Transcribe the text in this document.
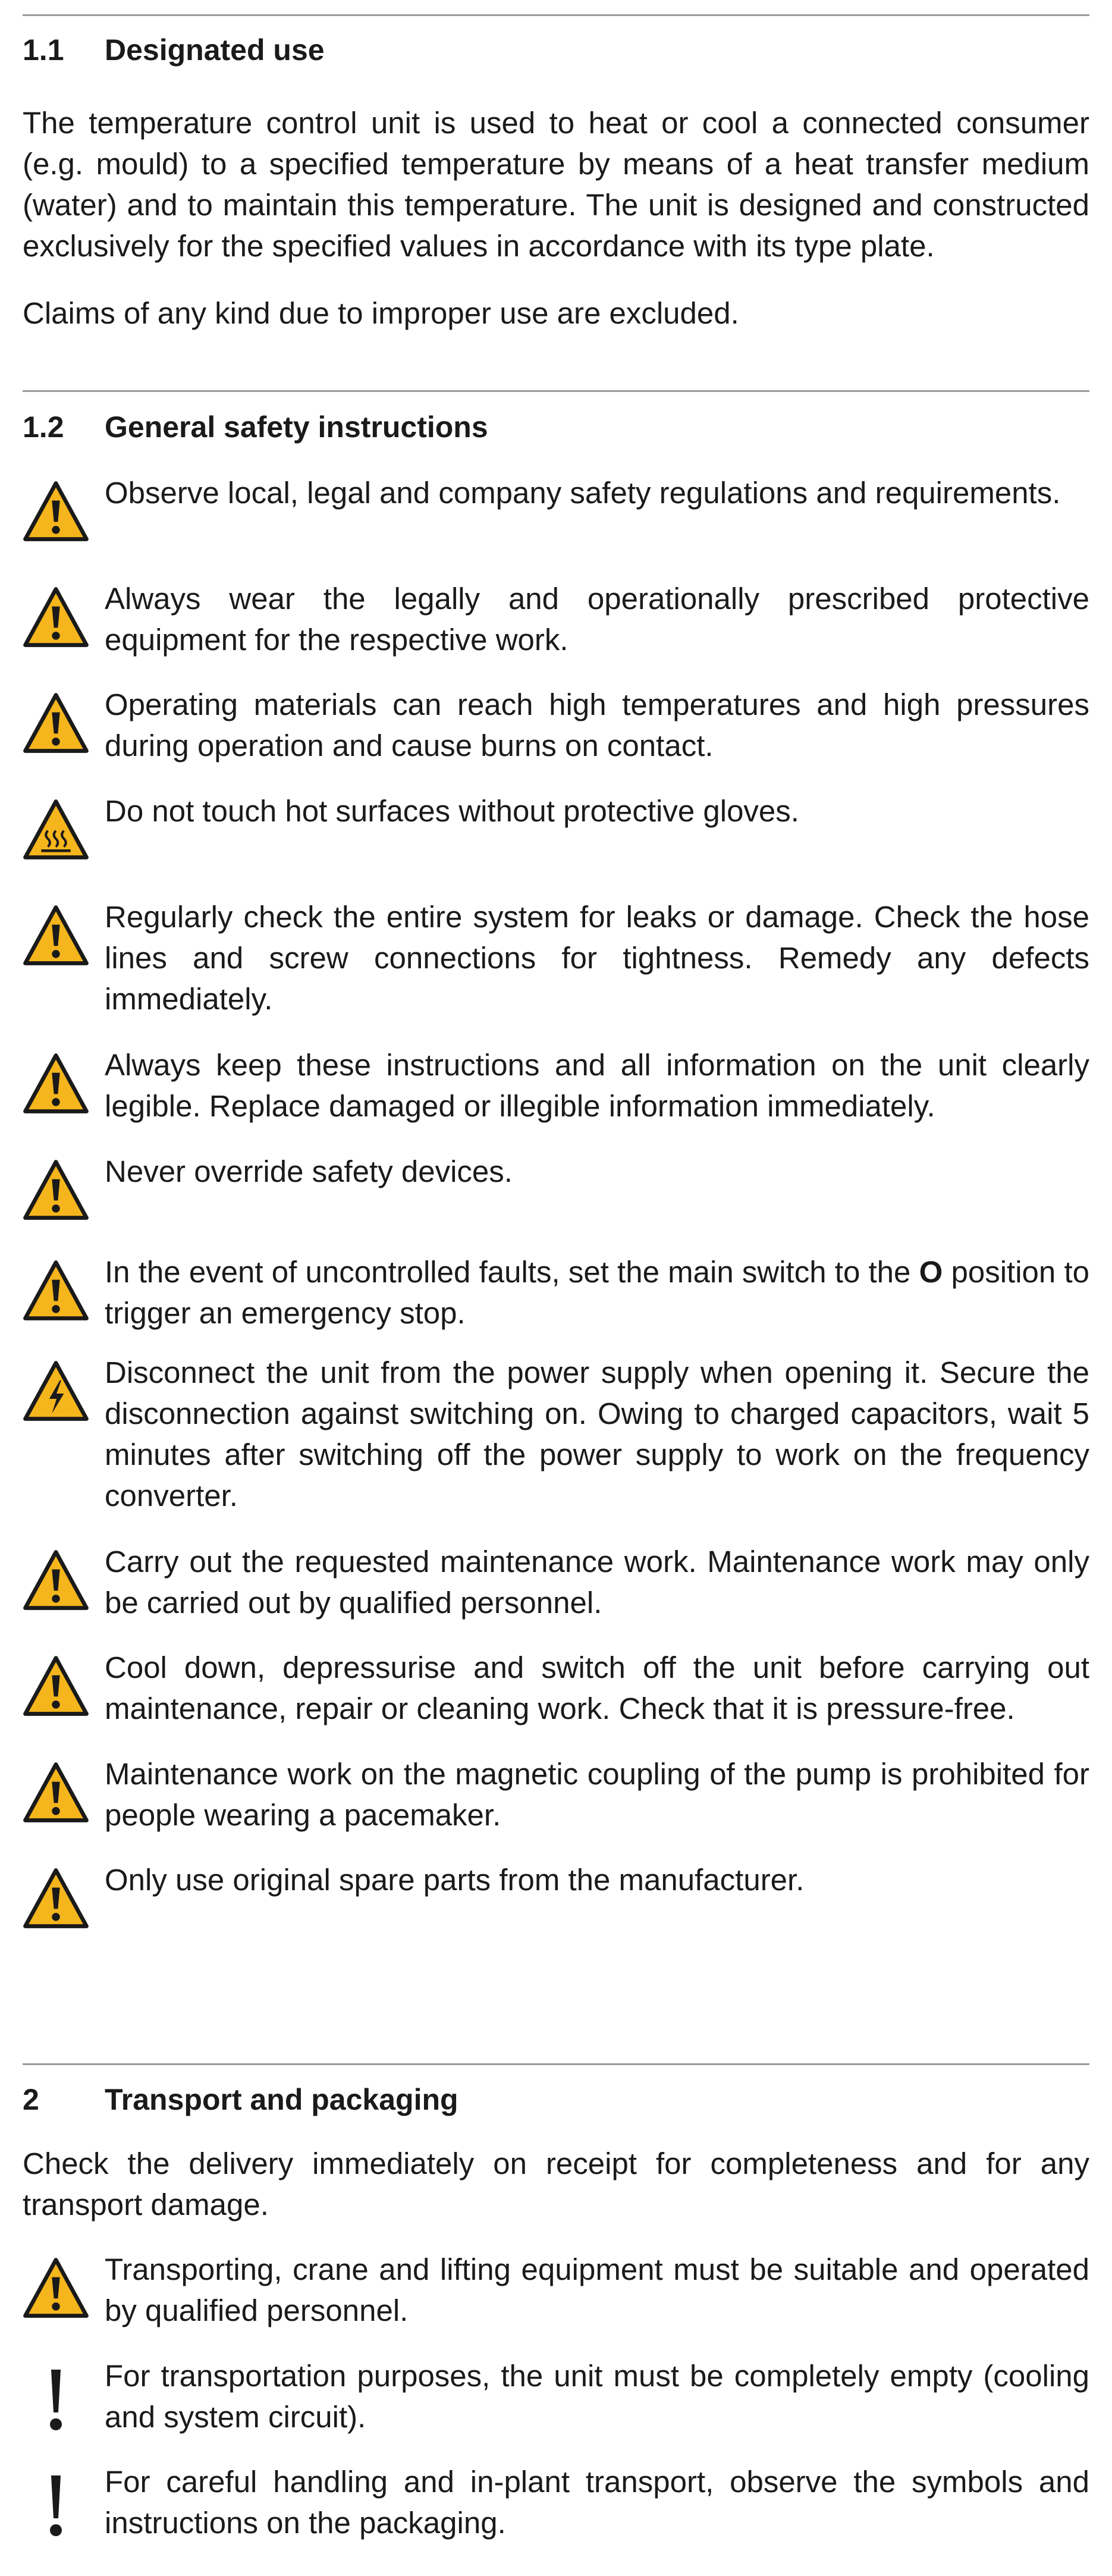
1.1	Designated use

The temperature control unit is used to heat or cool a connected consumer (e.g. mould) to a specified temperature by means of a heat transfer medium (water) and to maintain this temperature. The unit is designed and constructed exclusively for the specified values in accordance with its type plate.

Claims of any kind due to improper use are excluded.

1.2	General safety instructions

Observe local, legal and company safety regulations and requirements.

Always wear the legally and operationally prescribed protective equipment for the respective work.

Operating materials can reach high temperatures and high pressures during operation and cause burns on contact.

Do not touch hot surfaces without protective gloves.

Regularly check the entire system for leaks or damage. Check the hose lines and screw connections for tightness. Remedy any defects immediately.

Always keep these instructions and all information on the unit clearly legible. Replace damaged or illegible information immediately.

Never override safety devices.

In the event of uncontrolled faults, set the main switch to the O position to trigger an emergency stop.

Disconnect the unit from the power supply when opening it. Secure the disconnection against switching on. Owing to charged capacitors, wait 5 minutes after switching off the power supply to work on the frequency converter.

Carry out the requested maintenance work. Maintenance work may only be carried out by qualified personnel.

Cool down, depressurise and switch off the unit before carrying out maintenance, repair or cleaning work. Check that it is pressure-free.

Maintenance work on the magnetic coupling of the pump is prohibited for people wearing a pacemaker.

Only use original spare parts from the manufacturer.

2	Transport and packaging

Check the delivery immediately on receipt for completeness and for any transport damage.

Transporting, crane and lifting equipment must be suitable and operated by qualified personnel.

For transportation purposes, the unit must be completely empty (cooling and system circuit).

For careful handling and in-plant transport, observe the symbols and instructions on the packaging.
